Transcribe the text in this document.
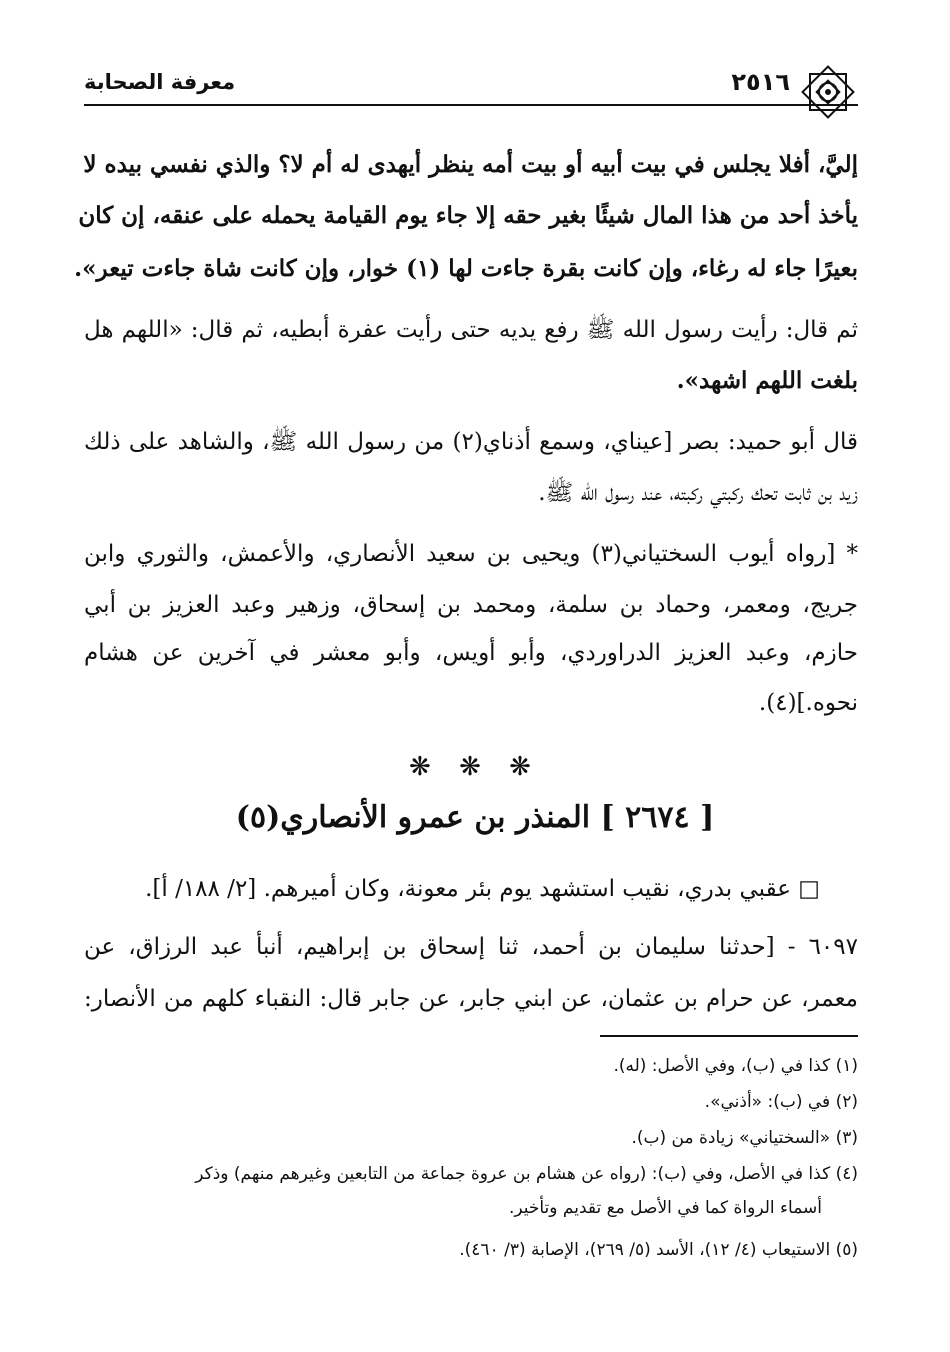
٢٥١٦
معرفة الصحابة
إليَّ، أفلا يجلس في بيت أبيه أو بيت أمه ينظر أيهدى له أم لا؟ والذي نفسي بيده لا
يأخذ أحد من هذا المال شيئًا بغير حقه إلا جاء يوم القيامة يحمله على عنقه، إن كان
بعيرًا جاء له رغاء، وإن كانت بقرة جاءت لها (١) خوار، وإن كانت شاة جاءت تيعر».
ثم قال: رأيت رسول الله ﷺ رفع يديه حتى رأيت عفرة أبطيه، ثم قال: «اللهم هل
بلغت اللهم اشهد».
قال أبو حميد: بصر [عيناي، وسمع أذناي(٢) من رسول الله ﷺ، والشاهد على ذلك
زيد بن ثابت تحك ركبتي ركبته، عند رسول الله ﷺ.
* [رواه أيوب السختياني(٣) ويحيى بن سعيد الأنصاري، والأعمش، والثوري وابن
جريج، ومعمر، وحماد بن سلمة، ومحمد بن إسحاق، وزهير وعبد العزيز بن أبي
حازم، وعبد العزيز الدراوردي، وأبو أويس، وأبو معشر في آخرين عن هشام
نحوه.](٤).
❋ ❋ ❋
[ ٢٦٧٤ ] المنذر بن عمرو الأنصاري(٥)
□ عقبي بدري، نقيب استشهد يوم بئر معونة، وكان أميرهم. [٢/ ١٨٨/ أ].
٦٠٩٧ - [حدثنا سليمان بن أحمد، ثنا إسحاق بن إبراهيم، أنبأ عبد الرزاق، عن
معمر، عن حرام بن عثمان، عن ابني جابر، عن جابر قال: النقباء كلهم من الأنصار:
(١) كذا في (ب)، وفي الأصل: (له).
(٢) في (ب): «أذني».
(٣) «السختياني» زيادة من (ب).
(٤) كذا في الأصل، وفي (ب): (رواه عن هشام بن عروة جماعة من التابعين وغيرهم منهم) وذكر
أسماء الرواة كما في الأصل مع تقديم وتأخير.
(٥) الاستيعاب (٤/ ١٢)، الأسد (٥/ ٢٦٩)، الإصابة (٣/ ٤٦٠).
